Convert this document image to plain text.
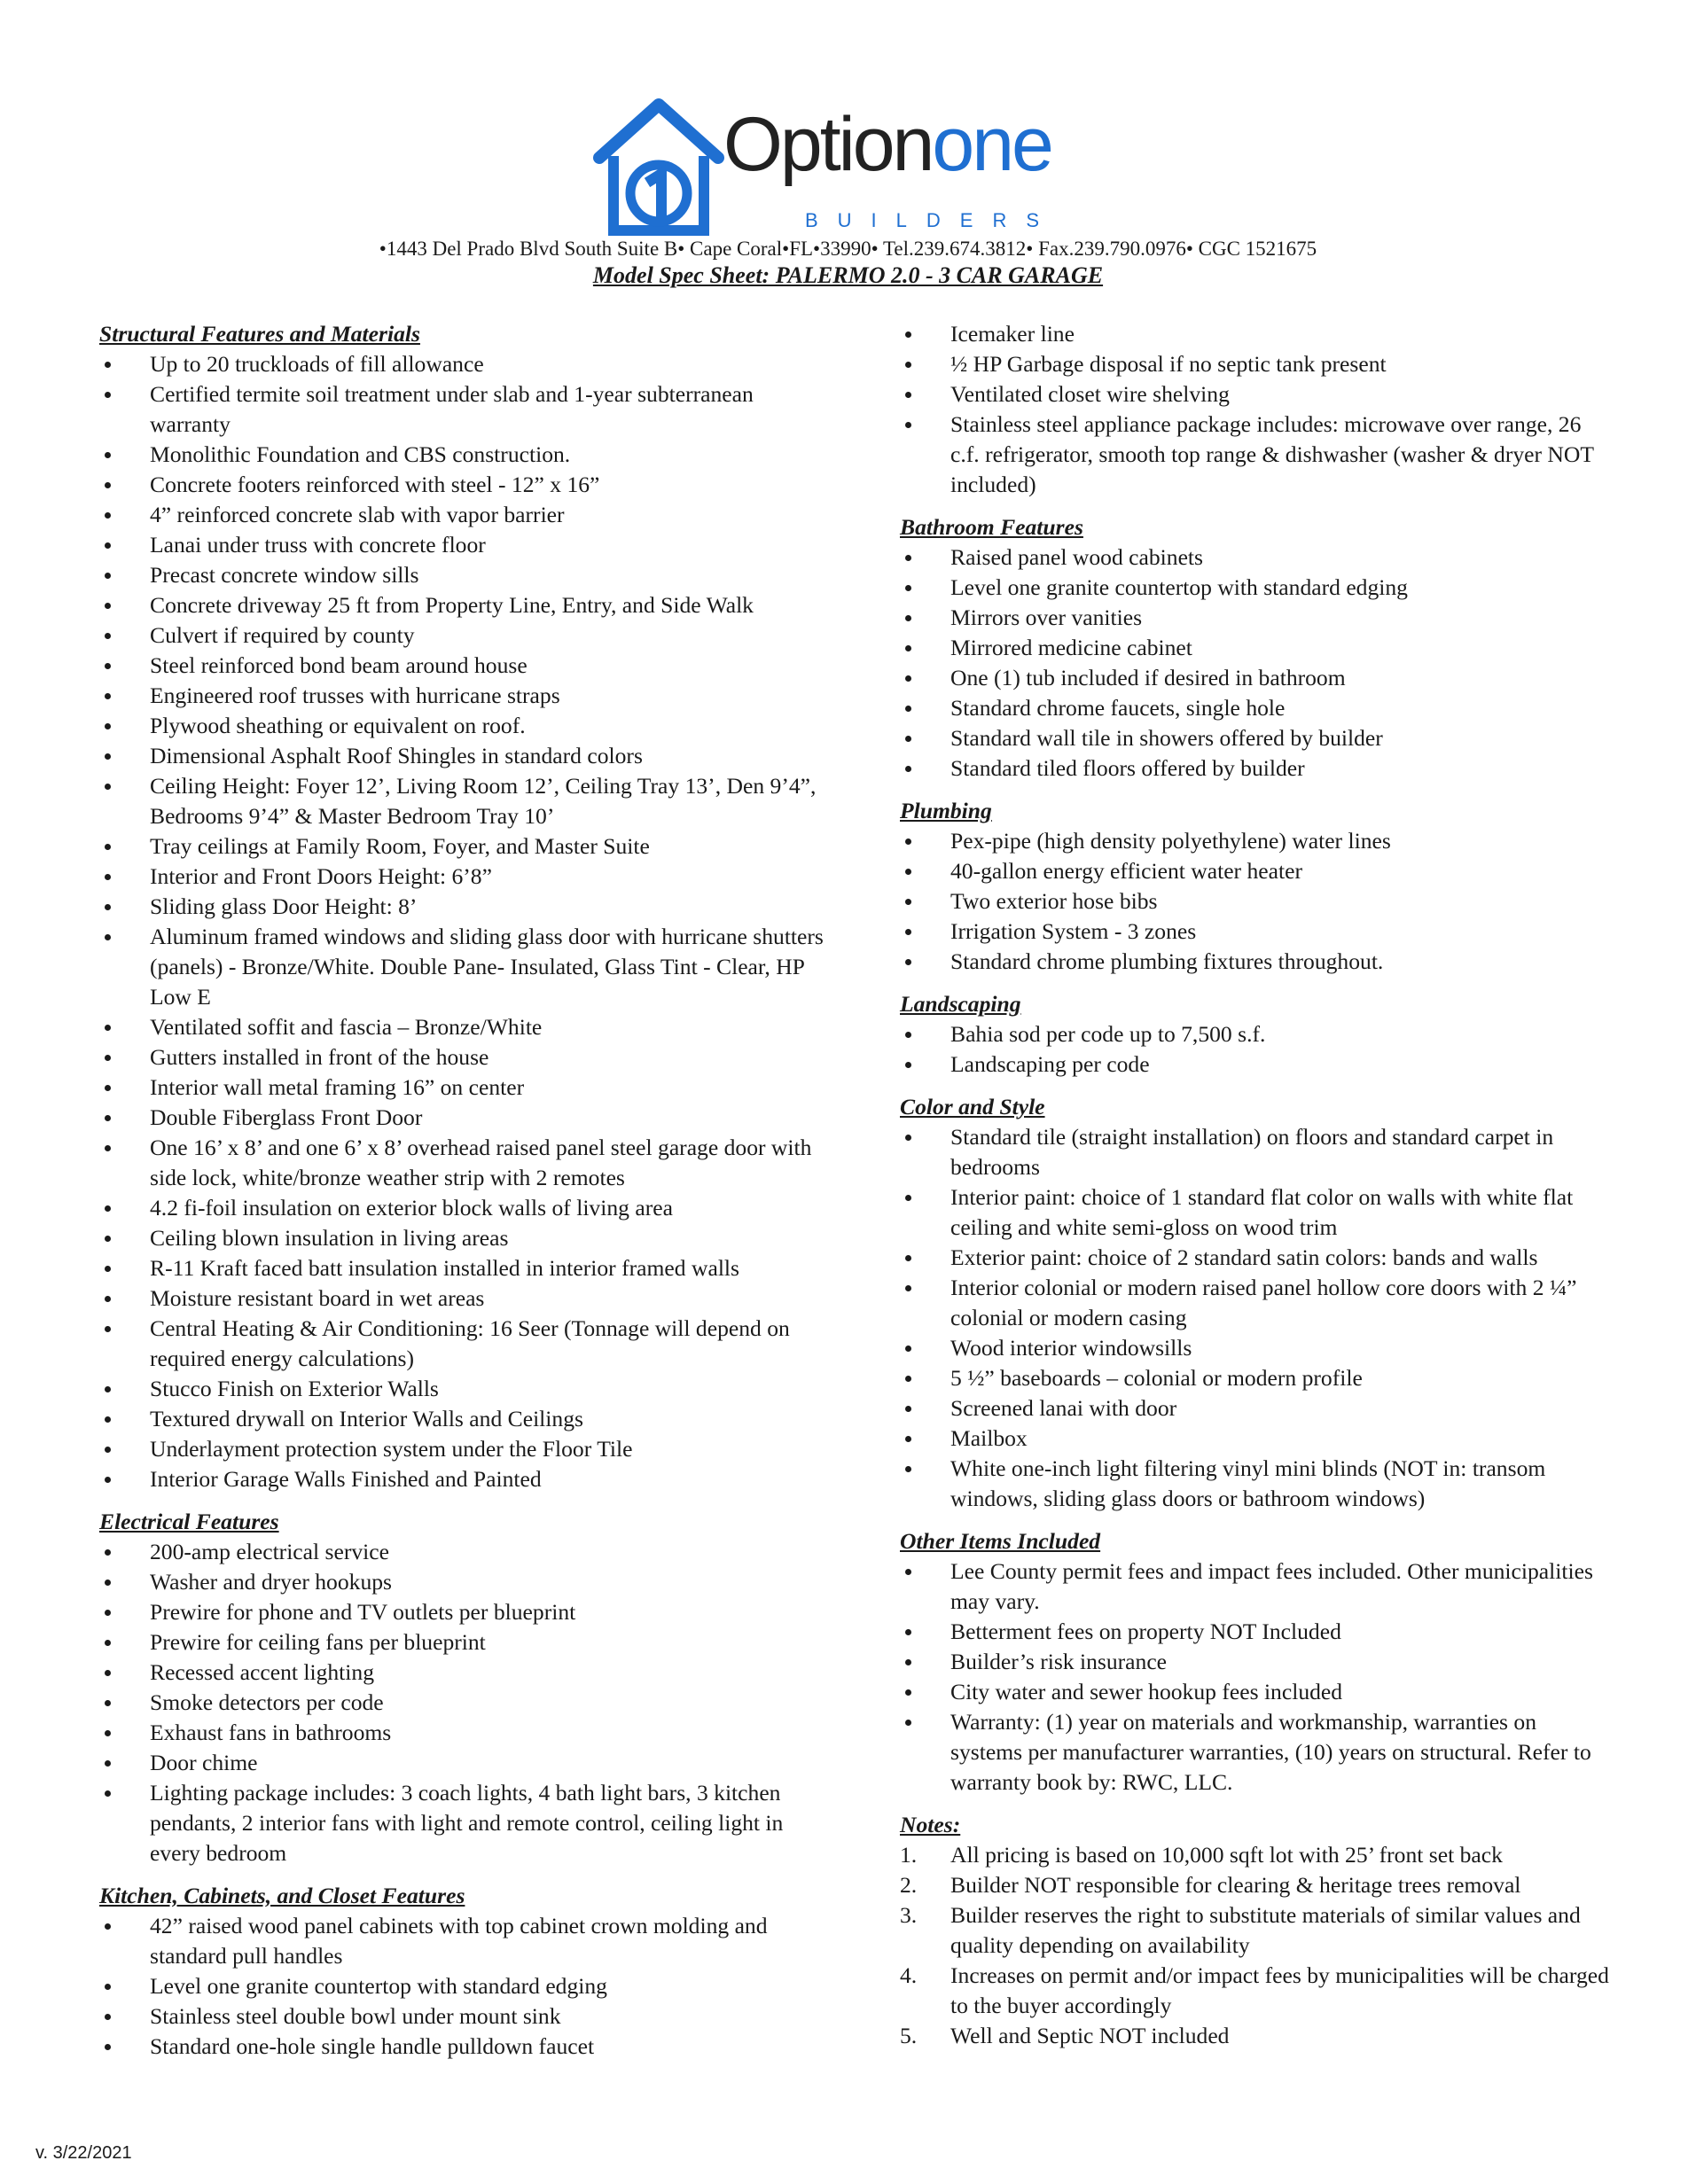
Optionone
BUILDERS
•1443 Del Prado Blvd South Suite B• Cape Coral•FL•33990• Tel.239.674.3812• Fax.239.790.0976• CGC 1521675
Model Spec Sheet: PALERMO 2.0 - 3 CAR GARAGE
Structural Features and Materials
Up to 20 truckloads of fill allowance
Certified termite soil treatment under slab and 1-year subterranean warranty
Monolithic Foundation and CBS construction.
Concrete footers reinforced with steel - 12” x 16”
4” reinforced concrete slab with vapor barrier
Lanai under truss with concrete floor
Precast concrete window sills
Concrete driveway 25 ft from Property Line, Entry, and Side Walk
Culvert if required by county
Steel reinforced bond beam around house
Engineered roof trusses with hurricane straps
Plywood sheathing or equivalent on roof.
Dimensional Asphalt Roof Shingles in standard colors
Ceiling Height: Foyer 12’, Living Room 12’, Ceiling Tray 13’, Den 9’4”, Bedrooms 9’4” & Master Bedroom Tray 10’
Tray ceilings at Family Room, Foyer, and Master Suite
Interior and Front Doors Height: 6’8”
Sliding glass Door Height: 8’
Aluminum framed windows and sliding glass door with hurricane shutters (panels) - Bronze/White. Double Pane- Insulated, Glass Tint - Clear, HP Low E
Ventilated soffit and fascia – Bronze/White
Gutters installed in front of the house
Interior wall metal framing 16” on center
Double Fiberglass Front Door
One 16’ x 8’ and one 6’ x 8’ overhead raised panel steel garage door with side lock, white/bronze weather strip with 2 remotes
4.2 fi-foil insulation on exterior block walls of living area
Ceiling blown insulation in living areas
R-11 Kraft faced batt insulation installed in interior framed walls
Moisture resistant board in wet areas
Central Heating & Air Conditioning: 16 Seer (Tonnage will depend on required energy calculations)
Stucco Finish on Exterior Walls
Textured drywall on Interior Walls and Ceilings
Underlayment protection system under the Floor Tile
Interior Garage Walls Finished and Painted
Electrical Features
200-amp electrical service
Washer and dryer hookups
Prewire for phone and TV outlets per blueprint
Prewire for ceiling fans per blueprint
Recessed accent lighting
Smoke detectors per code
Exhaust fans in bathrooms
Door chime
Lighting package includes: 3 coach lights, 4 bath light bars, 3 kitchen pendants, 2 interior fans with light and remote control, ceiling light in every bedroom
Kitchen, Cabinets, and Closet Features
42” raised wood panel cabinets with top cabinet crown molding and standard pull handles
Level one granite countertop with standard edging
Stainless steel double bowl under mount sink
Standard one-hole single handle pulldown faucet
Icemaker line
½ HP Garbage disposal if no septic tank present
Ventilated closet wire shelving
Stainless steel appliance package includes: microwave over range, 26 c.f. refrigerator, smooth top range & dishwasher (washer & dryer NOT included)
Bathroom Features
Raised panel wood cabinets
Level one granite countertop with standard edging
Mirrors over vanities
Mirrored medicine cabinet
One (1) tub included if desired in bathroom
Standard chrome faucets, single hole
Standard wall tile in showers offered by builder
Standard tiled floors offered by builder
Plumbing
Pex-pipe (high density polyethylene) water lines
40-gallon energy efficient water heater
Two exterior hose bibs
Irrigation System - 3 zones
Standard chrome plumbing fixtures throughout.
Landscaping
Bahia sod per code up to 7,500 s.f.
Landscaping per code
Color and Style
Standard tile (straight installation) on floors and standard carpet in bedrooms
Interior paint: choice of 1 standard flat color on walls with white flat ceiling and white semi-gloss on wood trim
Exterior paint: choice of 2 standard satin colors: bands and walls
Interior colonial or modern raised panel hollow core doors with 2 ¼” colonial or modern casing
Wood interior windowsills
5 ½” baseboards – colonial or modern profile
Screened lanai with door
Mailbox
White one-inch light filtering vinyl mini blinds (NOT in: transom windows, sliding glass doors or bathroom windows)
Other Items Included
Lee County permit fees and impact fees included. Other municipalities may vary.
Betterment fees on property NOT Included
Builder’s risk insurance
City water and sewer hookup fees included
Warranty: (1) year on materials and workmanship, warranties on systems per manufacturer warranties, (10) years on structural. Refer to warranty book by: RWC, LLC.
Notes:
1. All pricing is based on 10,000 sqft lot with 25’ front set back
2. Builder NOT responsible for clearing & heritage trees removal
3. Builder reserves the right to substitute materials of similar values and quality depending on availability
4. Increases on permit and/or impact fees by municipalities will be charged to the buyer accordingly
5. Well and Septic NOT included
v. 3/22/2021
